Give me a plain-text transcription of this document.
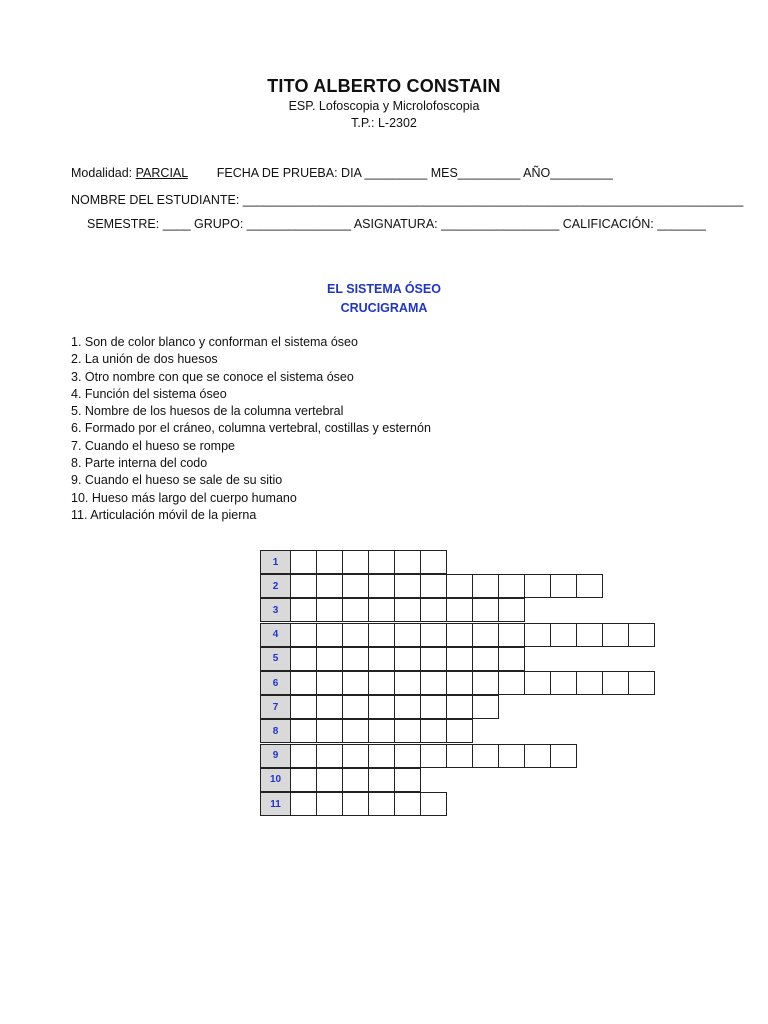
TITO ALBERTO CONSTAIN
ESP. Lofoscopia y Microlofoscopia
T.P.: L-2302
Modalidad: PARCIAL FECHA DE PRUEBA: DIA _________ MES_________ AÑO_________
NOMBRE DEL ESTUDIANTE: ________________________________________________________________________
SEMESTRE: ____ GRUPO: _______________ ASIGNATURA: _________________ CALIFICACIÓN: _______
EL SISTEMA ÓSEO
CRUCIGRAMA
1. Son de color blanco y conforman el sistema óseo
2. La unión de dos huesos
3. Otro nombre con que se conoce el sistema óseo
4. Función del sistema óseo
5. Nombre de los huesos de la columna vertebral
6. Formado por el cráneo, columna vertebral, costillas y esternón
7. Cuando el hueso se rompe
8. Parte interna del codo
9. Cuando el hueso se sale de su sitio
10. Hueso más largo del cuerpo humano
11. Articulación móvil de la pierna
1
2
3
4
5
6
7
8
9
10
11
